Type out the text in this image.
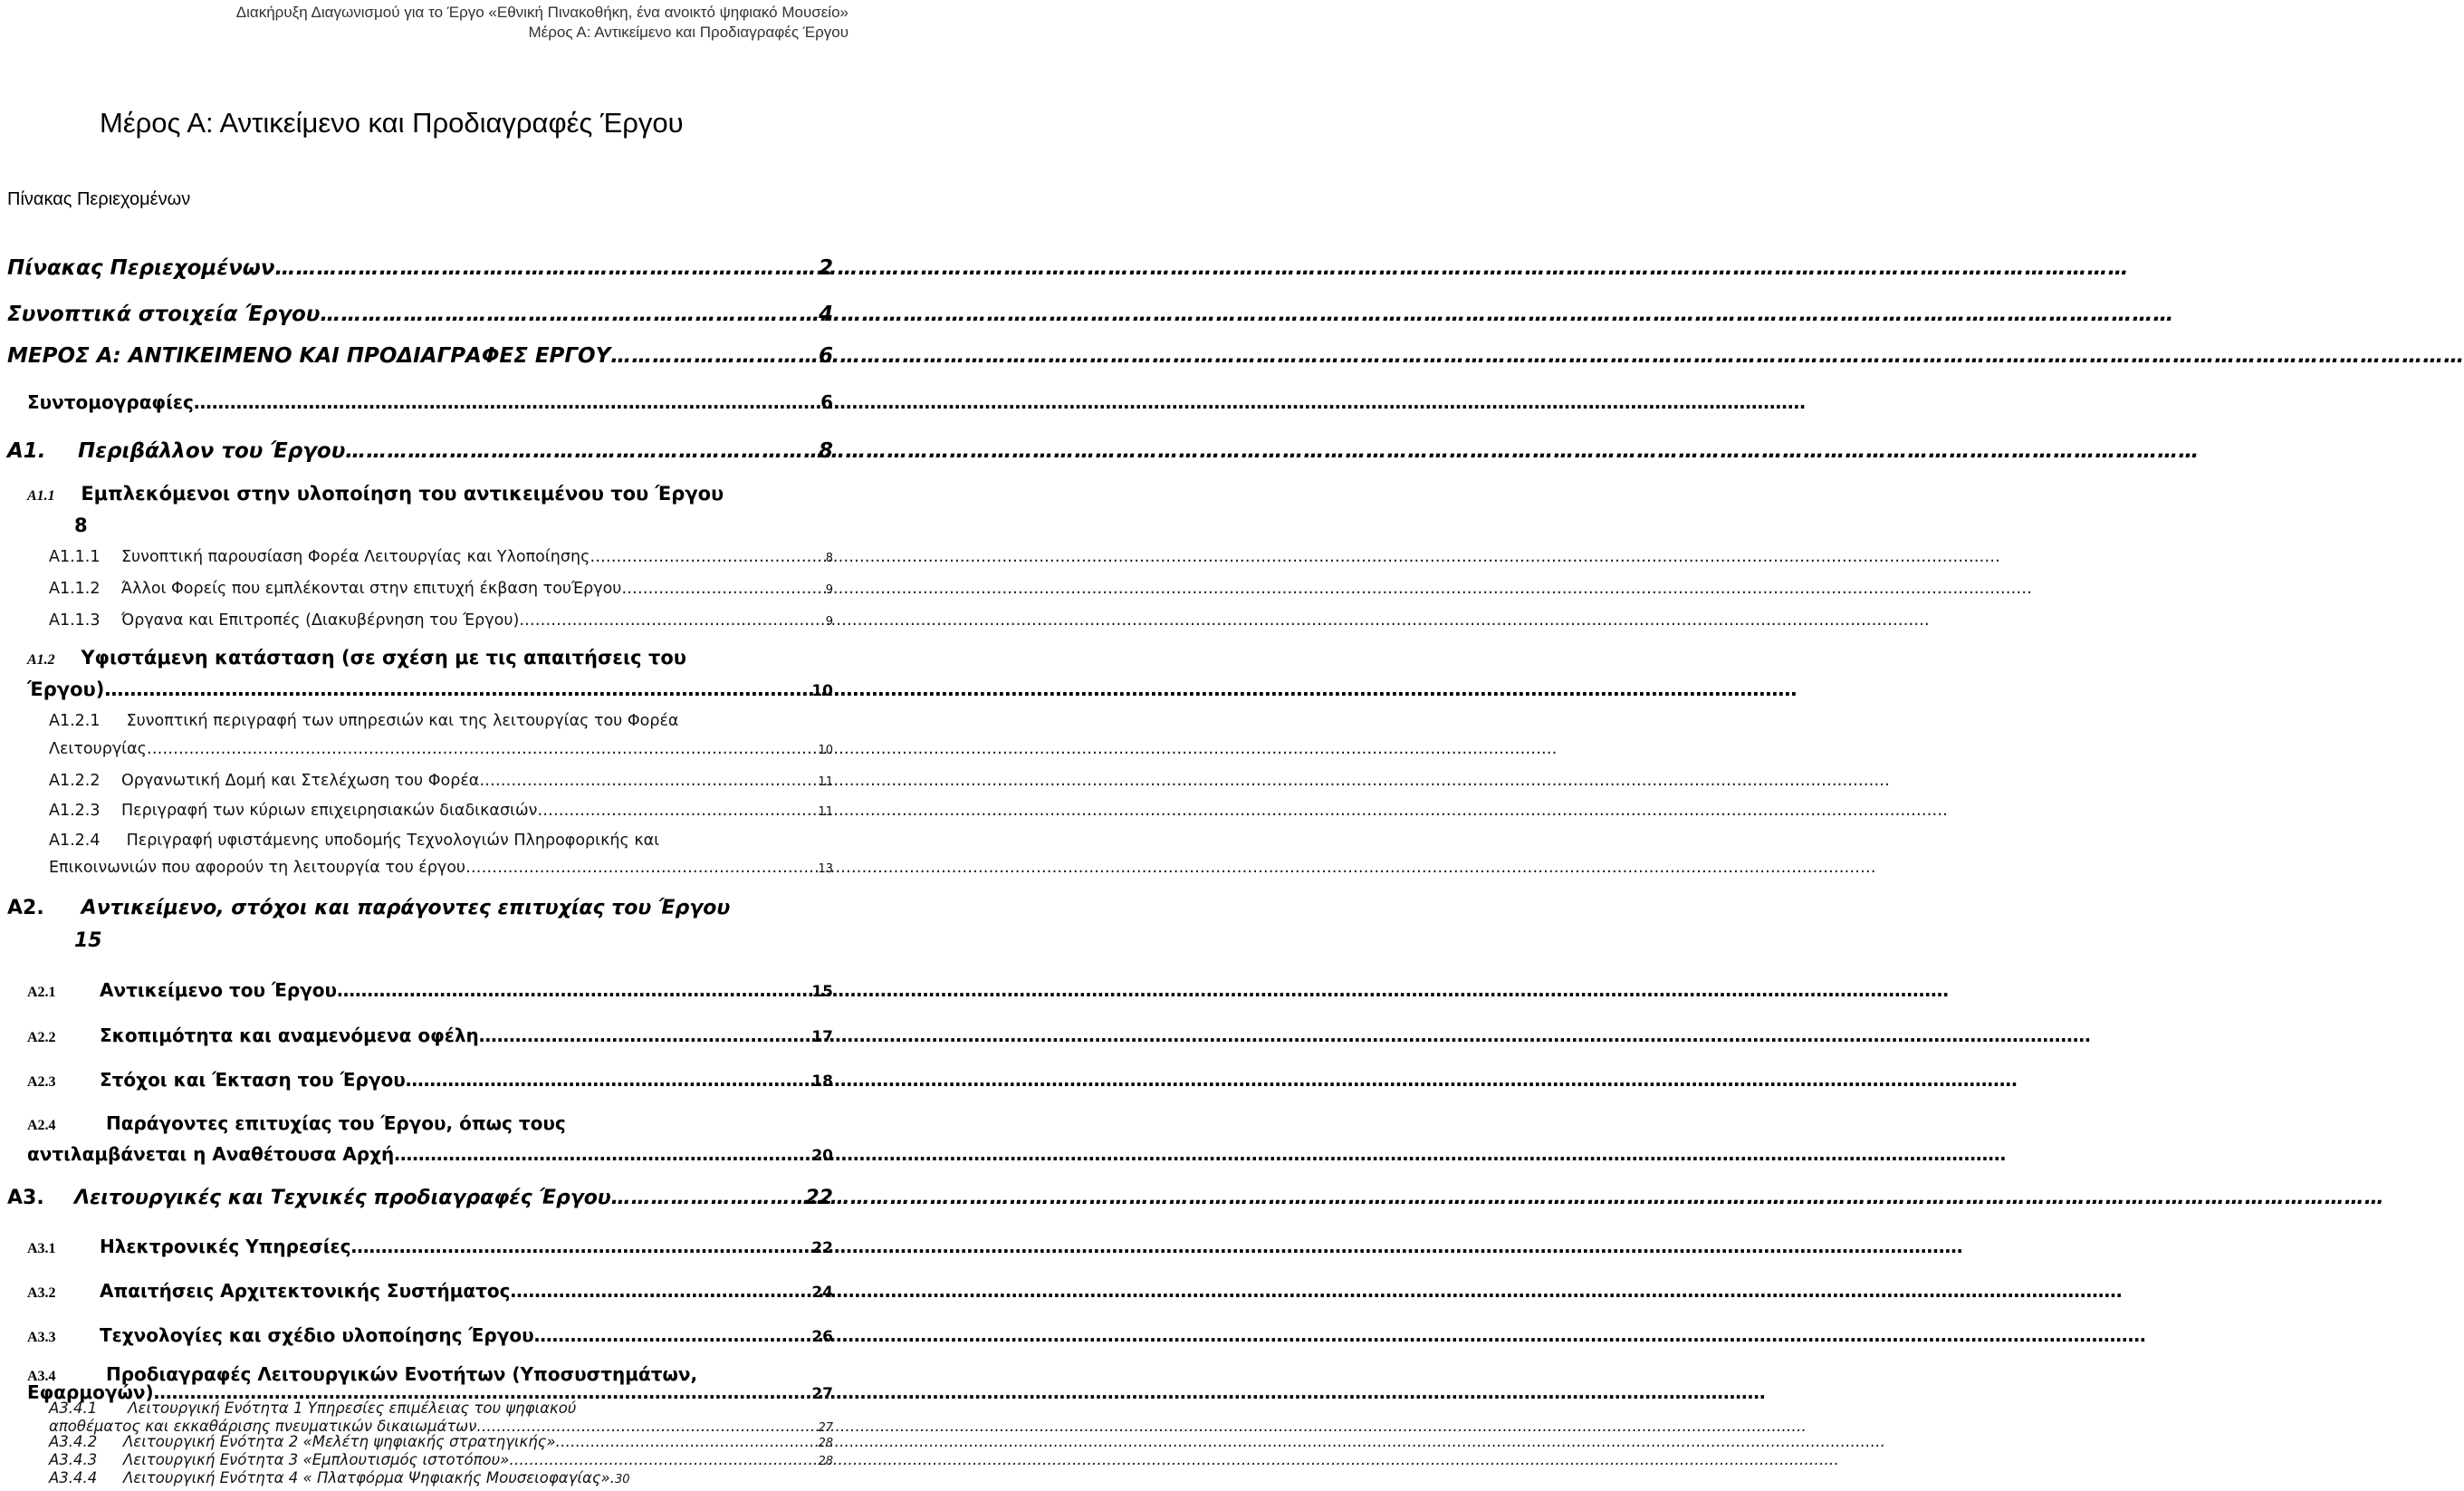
Διακήρυξη Διαγωνισμού για το Έργο «Εθνική Πινακοθήκη, ένα ανοικτό ψηφιακό Μουσείο»
Μέρος Α: Αντικείμενο και Προδιαγραφές Έργου
Μέρος Α: Αντικείμενο και Προδιαγραφές Έργου
Πίνακας Περιεχομένων
Πίνακας Περιεχομένων ……………………………………………………………………………………………………………………………………………………………………………………………………………………………………………	2
Συνοπτικά στοιχεία Έργου ……………………………………………………………………………………………………………………………………………………………………………………………………………………………………………	4
ΜΕΡΟΣ Α: ΑΝΤΙΚΕΙΜΕΝΟ ΚΑΙ ΠΡΟΔΙΑΓΡΑΦΕΣ ΕΡΓΟΥ ……………………………………………………………………………………………………………………………………………………………………………………………………………………………………………	6
Συντομογραφίες ……………………………………………………………………………………………………………………………………………………………………………………………………………………………………………	6
Α1.	Περιβάλλον του Έργου ……………………………………………………………………………………………………………………………………………………………………………………………………………………………………………	8
Α1.1 Εμπλεκόμενοι στην υλοποίηση του αντικειμένου του Έργου
8
Α1.1.1	Συνοπτική παρουσίαση Φορέα Λειτουργίας και Υλοποίησης ……………………………………………………………………………………………………………………………………………………………………………………………………………………………………………	8
Α1.1.2	Άλλοι Φορείς που εμπλέκονται στην επιτυχή έκβαση τουΈργου ……………………………………………………………………………………………………………………………………………………………………………………………………………………………………………	9
Α1.1.3	Όργανα και Επιτροπές (Διακυβέρνηση του Έργου) ……………………………………………………………………………………………………………………………………………………………………………………………………………………………………………	9
Α1.2 Υφιστάμενη κατάσταση (σε σχέση με τις απαιτήσεις του
Έργου) ……………………………………………………………………………………………………………………………………………………………………………………………………………………………………………	10
Α1.2.1 Συνοπτική περιγραφή των υπηρεσιών και της λειτουργίας του Φορέα
Λειτουργίας ……………………………………………………………………………………………………………………………………………………………………………………………………………………………………………	10
Α1.2.2	Οργανωτική Δομή και Στελέχωση του Φορέα ……………………………………………………………………………………………………………………………………………………………………………………………………………………………………………	11
Α1.2.3	Περιγραφή των κύριων επιχειρησιακών διαδικασιών ……………………………………………………………………………………………………………………………………………………………………………………………………………………………………………	11
Α1.2.4 Περιγραφή υφιστάμενης υποδομής Τεχνολογιών Πληροφορικής και
Επικοινωνιών που αφορούν τη λειτουργία του έργου ……………………………………………………………………………………………………………………………………………………………………………………………………………………………………………	13
Α2. Αντικείμενο, στόχοι και παράγοντες επιτυχίας του Έργου
15
Α2.1	Αντικείμενο του Έργου ……………………………………………………………………………………………………………………………………………………………………………………………………………………………………………	15
Α2.2	Σκοπιμότητα και αναμενόμενα οφέλη ……………………………………………………………………………………………………………………………………………………………………………………………………………………………………………	17
Α2.3	Στόχοι και Έκταση του Έργου ……………………………………………………………………………………………………………………………………………………………………………………………………………………………………………	18
Α2.4	Παράγοντες επιτυχίας του Έργου, όπως τους
αντιλαμβάνεται η Αναθέτουσα Αρχή ……………………………………………………………………………………………………………………………………………………………………………………………………………………………………………	20
Α3.	Λειτουργικές και Τεχνικές προδιαγραφές Έργου ……………………………………………………………………………………………………………………………………………………………………………………………………………………………………………	22
Α3.1	Ηλεκτρονικές Υπηρεσίες ……………………………………………………………………………………………………………………………………………………………………………………………………………………………………………	22
Α3.2	Απαιτήσεις Αρχιτεκτονικής Συστήματος ……………………………………………………………………………………………………………………………………………………………………………………………………………………………………………	24
Α3.3	Τεχνολογίες και σχέδιο υλοποίησης Έργου ……………………………………………………………………………………………………………………………………………………………………………………………………………………………………………	26
Α3.4	Προδιαγραφές Λειτουργικών Ενοτήτων (Υποσυστημάτων,
Εφαρμογών) ……………………………………………………………………………………………………………………………………………………………………………………………………………………………………………	27
Α3.4.1 Λειτουργική Ενότητα 1 Υπηρεσίες επιμέλειας του ψηφιακού
αποθέματος και εκκαθάρισης πνευματικών δικαιωμάτων ……………………………………………………………………………………………………………………………………………………………………………………………………………………………………………	27
Α3.4.2	Λειτουργική Ενότητα 2 «Μελέτη ψηφιακής στρατηγικής» ……………………………………………………………………………………………………………………………………………………………………………………………………………………………………………	28
Α3.4.3	Λειτουργική Ενότητα 3 «Εμπλουτισμός ιστοτόπου» ……………………………………………………………………………………………………………………………………………………………………………………………………………………………………………	28
Α3.4.4	Λειτουργική Ενότητα 4 « Πλατφόρμα Ψηφιακής Μουσειοφαγίας». 30
